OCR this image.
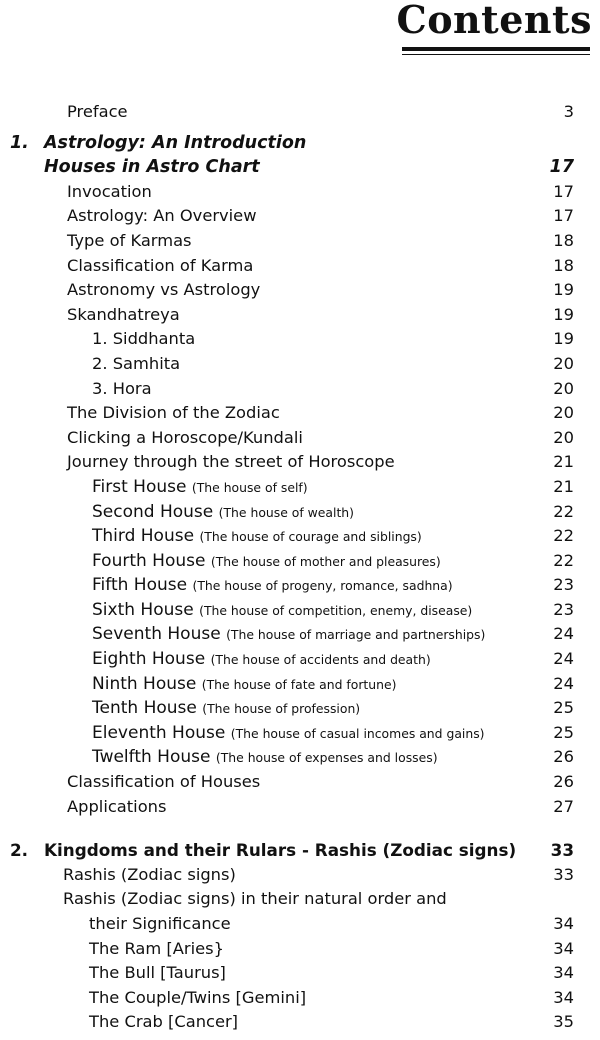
Contents
Preface	3
1. Astrology: An Introduction
Houses in Astro Chart	17
Invocation	17
Astrology: An Overview	17
Type of Karmas	18
Classification of Karma	18
Astronomy vs Astrology	19
Skandhatreya	19
1. Siddhanta	19
2. Samhita	20
3. Hora	20
The Division of the Zodiac	20
Clicking a Horoscope/Kundali	20
Journey through the street of Horoscope	21
First House (The house of self)	21
Second House (The house of wealth)	22
Third House (The house of courage and siblings)	22
Fourth House (The house of mother and pleasures)	22
Fifth House (The house of progeny, romance, sadhna)	23
Sixth House (The house of competition, enemy, disease)	23
Seventh House (The house of marriage and partnerships)	24
Eighth House (The house of accidents and death)	24
Ninth House (The house of fate and fortune)	24
Tenth House (The house of profession)	25
Eleventh House (The house of casual incomes and gains)	25
Twelfth House (The house of expenses and losses)	26
Classification of Houses	26
Applications	27
2. Kingdoms and their Rulars - Rashis (Zodiac signs) 33
Rashis (Zodiac signs)	33
Rashis (Zodiac signs) in their natural order and
their Significance	34
The Ram [Aries}	34
The Bull [Taurus]	34
The Couple/Twins [Gemini]	34
The Crab [Cancer]	35
